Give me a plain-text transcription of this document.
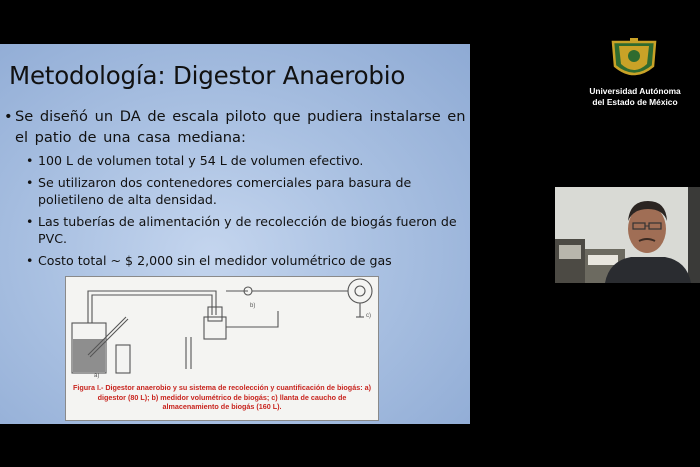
Metodología: Digestor Anaerobio
• Se diseñó un DA de escala piloto que pudiera instalarse en el patio de una casa mediana:
• 100 L de volumen total y 54 L de volumen efectivo.
• Se utilizaron dos contenedores comerciales para basura de polietileno de alta densidad.
• Las tuberías de alimentación y de recolección de biogás fueron de PVC.
• Costo total ~ $ 2,000 sin el medidor volumétrico de gas
a)
b)
c)
Figura I.- Digestor anaerobio y su sistema de recolección y cuantificación de biogás: a) digestor (80 L); b) medidor volumétrico de biogás; c) llanta de caucho de almacenamiento de biogás (160 L).
Universidad Autónoma
del Estado de México
